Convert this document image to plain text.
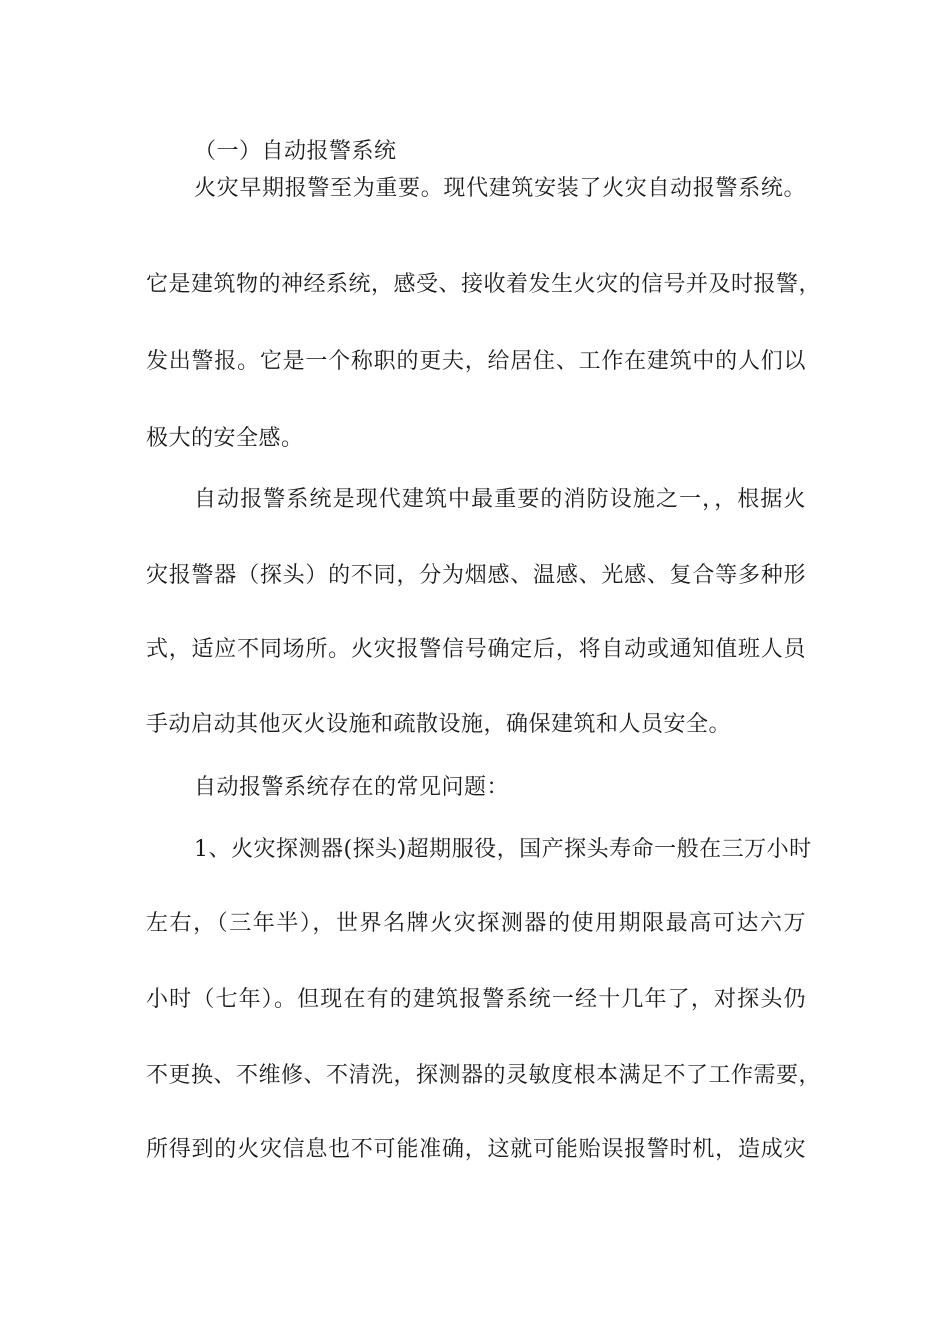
（一）自动报警系统
火灾早期报警至为重要。现代建筑安装了火灾自动报警系统。
它是建筑物的神经系统，感受、接收着发生火灾的信号并及时报警，
发出警报。它是一个称职的更夫，给居住、工作在建筑中的人们以
极大的安全感。
自动报警系统是现代建筑中最重要的消防设施之一，，根据火
灾报警器（探头）的不同，分为烟感、温感、光感、复合等多种形
式，适应不同场所。火灾报警信号确定后，将自动或通知值班人员
手动启动其他灭火设施和疏散设施，确保建筑和人员安全。
自动报警系统存在的常见问题：
1、火灾探测器(探头)超期服役，国产探头寿命一般在三万小时
左右，（三年半），世界名牌火灾探测器的使用期限最高可达六万
小时（七年）。但现在有的建筑报警系统一经十几年了，对探头仍
不更换、不维修、不清洗，探测器的灵敏度根本满足不了工作需要，
所得到的火灾信息也不可能准确，这就可能贻误报警时机，造成灾
